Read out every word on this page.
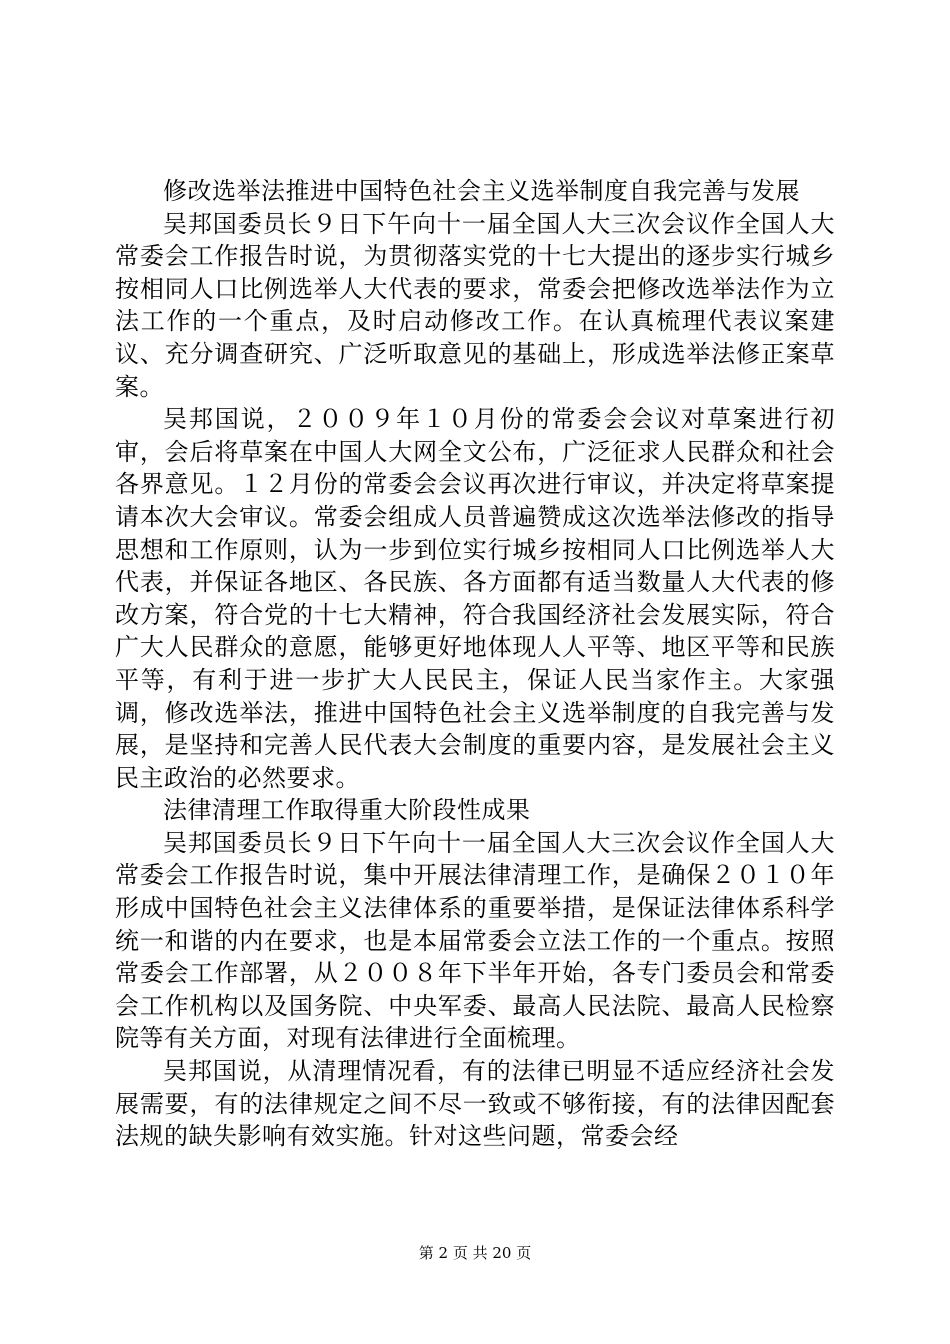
修改选举法推进中国特色社会主义选举制度自我完善与发展

吴邦国委员长９日下午向十一届全国人大三次会议作全国人大常委会工作报告时说，为贯彻落实党的十七大提出的逐步实行城乡按相同人口比例选举人大代表的要求，常委会把修改选举法作为立法工作的一个重点，及时启动修改工作。在认真梳理代表议案建议、充分调查研究、广泛听取意见的基础上，形成选举法修正案草案。

吴邦国说，２００９年１０月份的常委会会议对草案进行初审，会后将草案在中国人大网全文公布，广泛征求人民群众和社会各界意见。１２月份的常委会会议再次进行审议，并决定将草案提请本次大会审议。常委会组成人员普遍赞成这次选举法修改的指导思想和工作原则，认为一步到位实行城乡按相同人口比例选举人大代表，并保证各地区、各民族、各方面都有适当数量人大代表的修改方案，符合党的十七大精神，符合我国经济社会发展实际，符合广大人民群众的意愿，能够更好地体现人人平等、地区平等和民族平等，有利于进一步扩大人民民主，保证人民当家作主。大家强调，修改选举法，推进中国特色社会主义选举制度的自我完善与发展，是坚持和完善人民代表大会制度的重要内容，是发展社会主义民主政治的必然要求。

法律清理工作取得重大阶段性成果

吴邦国委员长９日下午向十一届全国人大三次会议作全国人大常委会工作报告时说，集中开展法律清理工作，是确保２０１０年形成中国特色社会主义法律体系的重要举措，是保证法律体系科学统一和谐的内在要求，也是本届常委会立法工作的一个重点。按照常委会工作部署，从２００８年下半年开始，各专门委员会和常委会工作机构以及国务院、中央军委、最高人民法院、最高人民检察院等有关方面，对现有法律进行全面梳理。

吴邦国说，从清理情况看，有的法律已明显不适应经济社会发展需要，有的法律规定之间不尽一致或不够衔接，有的法律因配套法规的缺失影响有效实施。针对这些问题，常委会经

第 2 页 共 20 页
